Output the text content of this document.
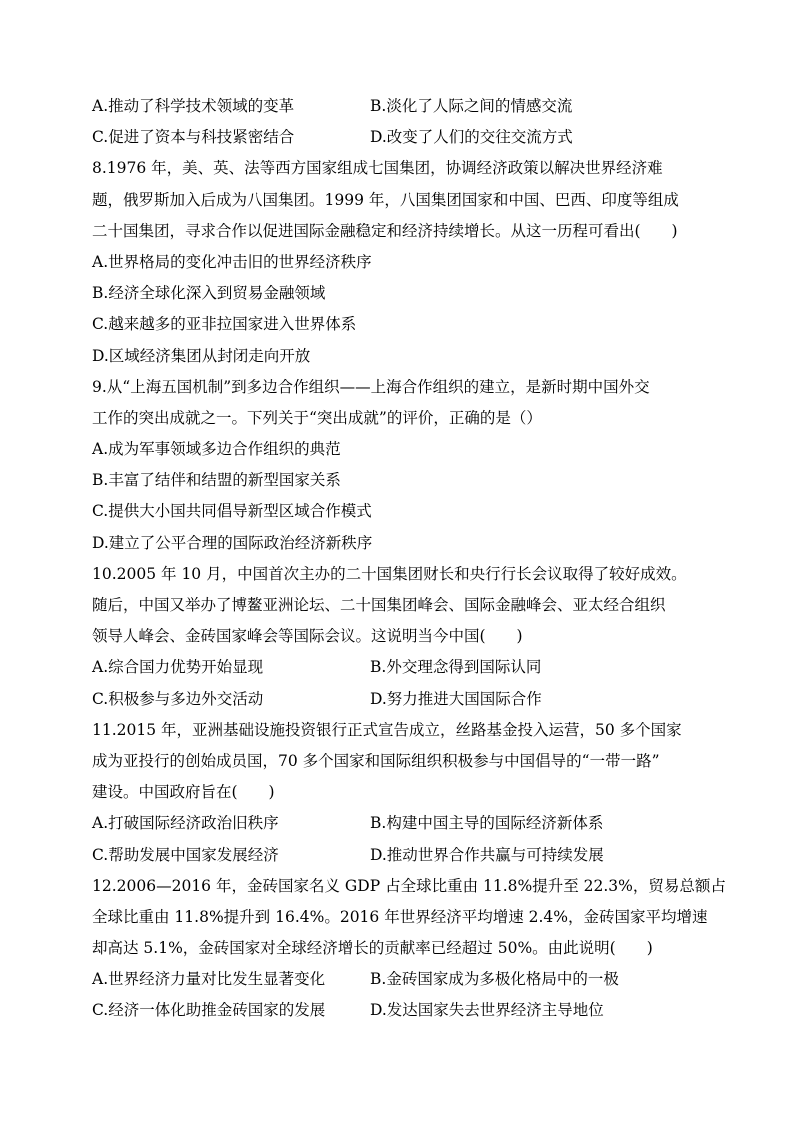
A.推动了科学技术领域的变革	B.淡化了人际之间的情感交流
C.促进了资本与科技紧密结合	D.改变了人们的交往交流方式
8.1976 年，美、英、法等西方国家组成七国集团，协调经济政策以解决世界经济难
题，俄罗斯加入后成为八国集团。1999 年，八国集团国家和中国、巴西、印度等组成
二十国集团，寻求合作以促进国际金融稳定和经济持续增长。从这一历程可看出(　　)
A.世界格局的变化冲击旧的世界经济秩序
B.经济全球化深入到贸易金融领域
C.越来越多的亚非拉国家进入世界体系
D.区域经济集团从封闭走向开放
9.从“上海五国机制”到多边合作组织——上海合作组织的建立，是新时期中国外交
工作的突出成就之一。下列关于“突出成就”的评价，正确的是（）
A.成为军事领域多边合作组织的典范
B.丰富了结伴和结盟的新型国家关系
C.提供大小国共同倡导新型区域合作模式
D.建立了公平合理的国际政治经济新秩序
10.2005 年 10 月，中国首次主办的二十国集团财长和央行行长会议取得了较好成效。
随后，中国又举办了博鳌亚洲论坛、二十国集团峰会、国际金融峰会、亚太经合组织
领导人峰会、金砖国家峰会等国际会议。这说明当今中国(　　)
A.综合国力优势开始显现	B.外交理念得到国际认同
C.积极参与多边外交活动	D.努力推进大国国际合作
11.2015 年，亚洲基础设施投资银行正式宣告成立，丝路基金投入运营，50 多个国家
成为亚投行的创始成员国，70 多个国家和国际组织积极参与中国倡导的“一带一路”
建设。中国政府旨在(　　)
A.打破国际经济政治旧秩序	B.构建中国主导的国际经济新体系
C.帮助发展中国家发展经济	D.推动世界合作共赢与可持续发展
12.2006—2016 年，金砖国家名义 GDP 占全球比重由 11.8%提升至 22.3%，贸易总额占
全球比重由 11.8%提升到 16.4%。2016 年世界经济平均增速 2.4%，金砖国家平均增速
却高达 5.1%，金砖国家对全球经济增长的贡献率已经超过 50%。由此说明(　　)
A.世界经济力量对比发生显著变化	B.金砖国家成为多极化格局中的一极
C.经济一体化助推金砖国家的发展	D.发达国家失去世界经济主导地位
